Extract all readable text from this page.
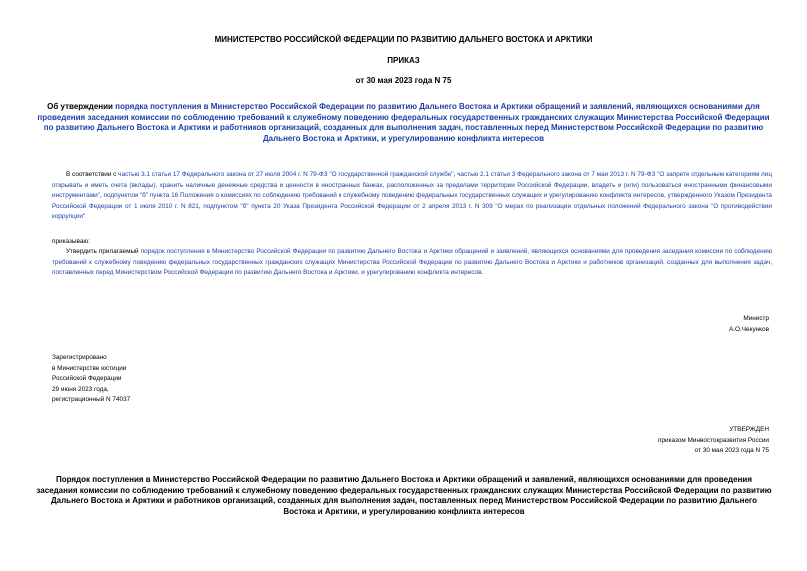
МИНИСТЕРСТВО РОССИЙСКОЙ ФЕДЕРАЦИИ ПО РАЗВИТИЮ ДАЛЬНЕГО ВОСТОКА И АРКТИКИ
ПРИКАЗ
от 30 мая 2023 года N 75
Об утверждении порядка поступления в Министерство Российской Федерации по развитию Дальнего Востока и Арктики обращений и заявлений, являющихся основаниями для проведения заседания комиссии по соблюдению требований к служебному поведению федеральных государственных гражданских служащих Министерства Российской Федерации по развитию Дальнего Востока и Арктики и работников организаций, созданных для выполнения задач, поставленных перед Министерством Российской Федерации по развитию Дальнего Востока и Арктики, и урегулированию конфликта интересов
В соответствии с частью 3.1 статьи 17 Федерального закона от 27 июля 2004 г. N 79-ФЗ "О государственной гражданской службе", частью 2.1 статьи 3 Федерального закона от 7 мая 2013 г. N 79-ФЗ "О запрете отдельным категориям лиц открывать и иметь счета (вклады), хранить наличные денежные средства и ценности в иностранных банках, расположенных за пределами территории Российской Федерации, владеть и (или) пользоваться иностранными финансовыми инструментами", подпунктом "б" пункта 16 Положения о комиссиях по соблюдению требований к служебному поведению федеральных государственных служащих и урегулированию конфликта интересов, утвержденного Указом Президента Российской Федерации от 1 июля 2010 г. N 821, подпунктом "б" пункта 20 Указа Президента Российской Федерации от 2 апреля 2013 г. N 309 "О мерах по реализации отдельных положений Федерального закона "О противодействии коррупции"
приказываю:
Утвердить прилагаемый порядок поступления в Министерство Российской Федерации по развитию Дальнего Востока и Арктики обращений и заявлений, являющихся основаниями для проведения заседания комиссии по соблюдению требований к служебному поведению федеральных государственных гражданских служащих Министерства Российской Федерации по развитию Дальнего Востока и Арктики и работников организаций, созданных для выполнения задач, поставленных перед Министерством Российской Федерации по развитию Дальнего Востока и Арктики, и урегулированию конфликта интересов.
Министр
А.О.Чекунков
Зарегистрировано
в Министерстве юстиции
Российской Федерации
29 июня 2023 года,
регистрационный N 74037
УТВЕРЖДЕН
приказом Минвостокразвития России
от 30 мая 2023 года N 75
Порядок поступления в Министерство Российской Федерации по развитию Дальнего Востока и Арктики обращений и заявлений, являющихся основаниями для проведения заседания комиссии по соблюдению требований к служебному поведению федеральных государственных гражданских служащих Министерства Российской Федерации по развитию Дальнего Востока и Арктики и работников организаций, созданных для выполнения задач, поставленных перед Министерством Российской Федерации по развитию Дальнего Востока и Арктики, и урегулированию конфликта интересов
